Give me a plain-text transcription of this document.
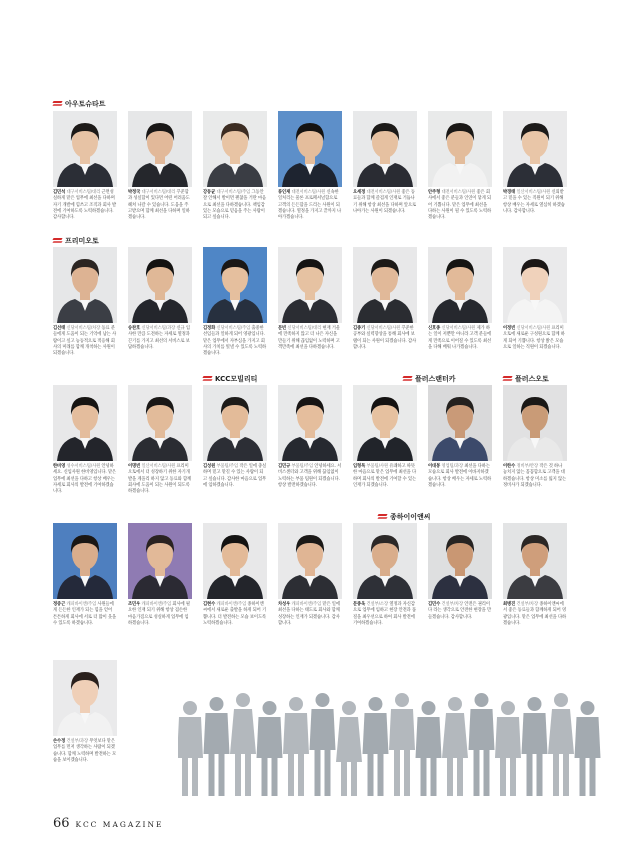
아우토슈타트
프리미오토
KCC모빌리티	플러스랜터카	플러스오토
종하이이앤씨
김민석 대구서비스팀/대리 근면성실하게 맡은 업무에 최선을 다하며 자기 개발에 힘쓰고 조직과 회사 발전에 기여하도록 노력하겠습니다. 감사합니다.
박정국 대구서비스팀/대리 꾸준함과 성실함이 있다면 어떤 어려움도 헤쳐 나갈 수 있습니다. 도움을 주고받으며 함께 최선을 다하며 일하겠습니다.
강동균 대구서비스팀/주임 그동안 잘 안해서 발이면 괜찮을 거란 마음으로 최선을 다하겠습니다. 책임감 있는 모습으로 믿음을 주는 사람이 되고 싶습니다.
류인재 대전서비스팀/사원 신속한 일처리는 물론 프로페셔널함으로 고객의 든든함을 드리는 사원이 되겠습니다. 열정을 가지고 끝까지 나아가겠습니다.
오세정 대전서비스팀/사원 좋은 동료들과 함께 즐겁게 인재로 거듭나기 위해 항상 최선을 다하며 앞으로 나아가는 사원이 되겠습니다.
안주형 대전서비스팀/사원 좋은 회사에서 좋은 분들과 인연이 닿게 되어 기쁩니다. 맡은 업무에 최선을 다하는 사원이 될 수 있도록 노력하겠습니다.
박경태 일산서비스팀/사원 신뢰받고 믿을 수 있는 직원이 되기 위해 항상 배우는 자세로 열심히 하겠습니다. 감사합니다.
김선태 신당서비스팀/차장 동료 분들에게 도움이 되는 기억에 남는 사람이고 싶고 능동적으로 적응해 회사의 미래를 함께 개척하는 사원이 되겠습니다.
송찬호 신당서비스팀/과장 신규 입사한 만큼 도전하는 자세로 열정과 끈기를 가지고 최선의 서비스로 보답하겠습니다.
김정화 신당서비스팀/주임 출중한 선임들과 일하게 되어 영광입니다. 맡은 업무에서 자부심을 가지고 회사의 가치를 빛낼 수 있도록 노력하겠습니다.
문빈 신당서비스팀/대리 현재 거울에 만족하지 않고 더 나은 자신을 만들기 위해 끊임없이 노력하며 고객만족에 최선을 다하겠습니다.
김종기 신당서비스팀/사원 꾸준한 공부와 실력향상을 통해 회사에 보탬이 되는 사원이 되겠습니다. 감사합니다.
신호종 신당서비스팀/사원 제가 하는 일이 저뿐만 아니라 고객 분들에게 만족으로 이어질 수 있도록 최선을 다해 배워 나가겠습니다.
이정빈 신당서비스팀/사원 프리미오토에 새로운 구성원으로 함께 하게 되어 기쁩니다. 항상 밝은 모습으로 일하는 직원이 되겠습니다.
한비영 성수서비스팀/사원 안녕하세요. 신입사원 한비영입니다. 맡은 업무에 최선을 다하고 항상 배우는 자세로 회사의 발전에 기여하겠습니다.
이명빈 일산서비스팀/사원 프리미오토에서 더 성장하기 위한 자기개발을 게을리 하지 않고 동료와 함께 회사에 도움이 되는 사원이 되도록 하겠습니다.
김성원 부품팀/주임 작은 일에 충실하며 믿고 맡길 수 있는 사람이 되고 싶습니다. 감사한 마음으로 업무에 임하겠습니다.
김민규 부품팀/주임 안녕하세요. 서비스센터와 고객을 위해 끊임없이 노력하는 부품 팀원이 되겠습니다. 항상 발전하겠습니다.
임형묵 부품팀/사원 유쾌하고 따뜻한 마음으로 맡은 업무에 최선을 다하며 회사의 발전에 기여할 수 있는 인재가 되겠습니다.
이대봉 영업팀/과장 최선을 다하는 모습으로 회사 발전에 이바지하겠습니다. 항상 배우는 자세로 노력하겠습니다.
이한수 정비부/반장 작은 것 하나 놓치지 않는 꼼꼼함으로 고객을 대하겠습니다. 항상 미소를 잃지 않는 정비사가 되겠습니다.
정중근 캐피바이앤/주임 사원들에게 든든한 인재가 되는 힘을 얻어 튼튼하게 회사에 서로 더 많이 웃을 수 있도록 하겠습니다.
조민우 캐피바이앤/주임 회사에 필요한 인재 되기 위해 항상 겸손한 마음가짐으로 성실하게 업무에 임하겠습니다.
김현수 캐피바이앤/주임 종하이앤씨에서 새로운 출발을 하게 되어 기쁩니다. 더 발전하는 모습 보이도록 노력하겠습니다.
차성우 캐피바이앤/주임 맡은 일에 최선을 다하는 태도로 회사와 함께 성장하는 인재가 되겠습니다. 감사합니다.
문종욱 건설부/소장 열정과 자신감으로 업무에 임하고 현장 안전과 품질을 최우선으로 하여 회사 발전에 기여하겠습니다.
김민수 건설부/차장 안전은 권리이다 라는 생각으로 안전한 현장을 만들겠습니다. 감사합니다.
최병진 건설부/차장 종하이앤씨에서 좋은 동료들과 함께하게 되어 영광입니다. 맡은 업무에 최선을 다하겠습니다.
손수정 건설부/과장 무엇보다 맡은 업무를 먼저 생각하는 사람이 되겠습니다. 함께 노력하며 발전하는 모습을 보이겠습니다.
66 KCC MAGAZINE
